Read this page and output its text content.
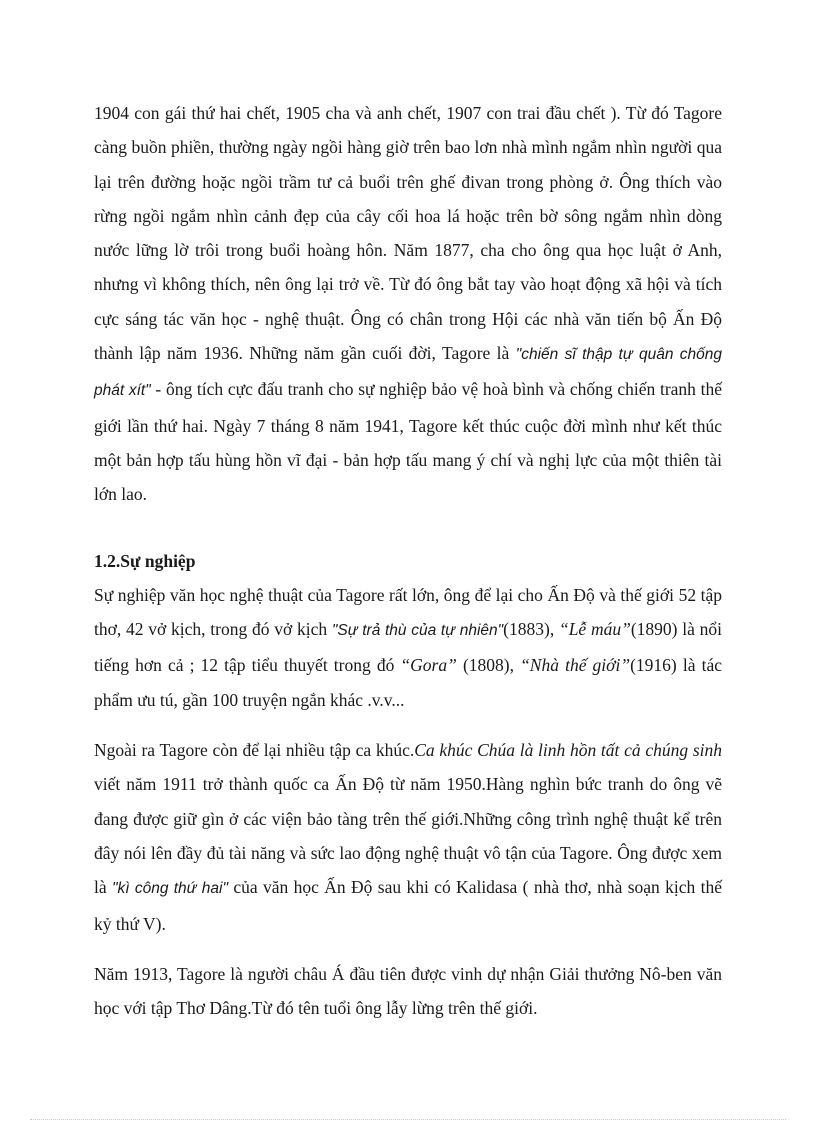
1904 con gái thứ hai chết, 1905 cha và anh chết, 1907 con trai đầu chết ). Từ đó Tagore càng buồn phiền, thường ngày ngồi hàng giờ trên bao lơn nhà mình ngắm nhìn người qua lại trên đường hoặc ngồi trầm tư cả buổi trên ghế đivan trong phòng ở. Ông thích vào rừng ngồi ngắm nhìn cảnh đẹp của cây cối hoa lá hoặc trên bờ sông ngắm nhìn dòng nước lững lờ trôi trong buổi hoàng hôn. Năm 1877, cha cho ông qua học luật ở Anh, nhưng vì không thích, nên ông lại trở về. Từ đó ông bắt tay vào hoạt động xã hội và tích cực sáng tác văn học - nghệ thuật. Ông có chân trong Hội các nhà văn tiến bộ Ấn Độ thành lập năm 1936. Những năm gần cuối đời, Tagore là "chiến sĩ thập tự quân chống phát xít" - ông tích cực đấu tranh cho sự nghiệp bảo vệ hoà bình và chống chiến tranh thế giới lần thứ hai. Ngày 7 tháng 8 năm 1941, Tagore kết thúc cuộc đời mình như kết thúc một bản hợp tấu hùng hồn vĩ đại - bản hợp tấu mang ý chí và nghị lực của một thiên tài lớn lao.

1.2.Sự nghiệp

Sự nghiệp văn học nghệ thuật của Tagore rất lớn, ông để lại cho Ấn Độ và thế giới 52 tập thơ, 42 vở kịch, trong đó vở kịch "Sự trả thù của tự nhiên"(1883), “Lễ máu”(1890) là nổi tiếng hơn cả ; 12 tập tiểu thuyết trong đó “Gora” (1808), “Nhà thế giới”(1916) là tác phẩm ưu tú, gần 100 truyện ngắn khác .v.v...

Ngoài ra Tagore còn để lại nhiều tập ca khúc.Ca khúc Chúa là linh hồn tất cả chúng sinh viết năm 1911 trở thành quốc ca Ấn Độ từ năm 1950.Hàng nghìn bức tranh do ông vẽ đang được giữ gìn ở các viện bảo tàng trên thế giới.Những công trình nghệ thuật kể trên đây nói lên đầy đủ tài năng và sức lao động nghệ thuật vô tận của Tagore. Ông được xem là "kì công thứ hai" của văn học Ấn Độ sau khi có Kalidasa ( nhà thơ, nhà soạn kịch thế kỷ thứ V).

Năm 1913, Tagore là người châu Á đầu tiên được vinh dự nhận Giải thưởng Nô-ben văn học với tập Thơ Dâng.Từ đó tên tuổi ông lẫy lừng trên thế giới.
